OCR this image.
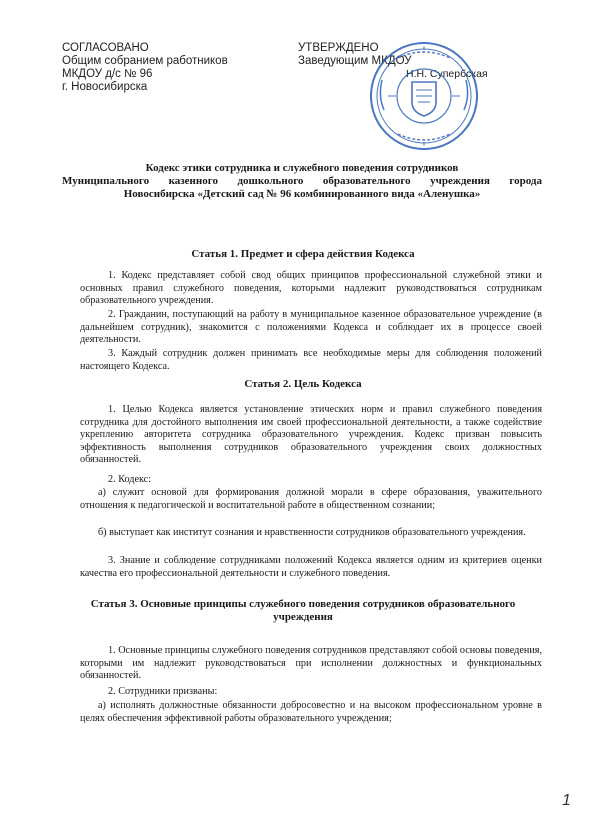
СОГЛАСОВАНО
Общим собранием работников
МКДОУ д/с № 96
г. Новосибирска
УТВЕРЖДЕНО
Заведующим МКДОУ
Н.Н. Супербская
Кодекс этики сотрудника и служебного поведения сотрудников
Муниципального казенного дошкольного образовательного учреждения города
Новосибирска «Детский сад № 96 комбинированного вида «Аленушка»
Статья 1. Предмет и сфера действия Кодекса
1. Кодекс представляет собой свод общих принципов профессиональной служебной этики и основных правил служебного поведения, которыми надлежит руководствоваться сотрудникам образовательного учреждения.
2. Гражданин, поступающий на работу в муниципальное казенное образовательное учреждение (в дальнейшем сотрудник), знакомится с положениями Кодекса и соблюдает их в процессе своей деятельности.
3. Каждый сотрудник должен принимать все необходимые меры для соблюдения положений настоящего Кодекса.
Статья 2. Цель Кодекса
1. Целью Кодекса является установление этических норм и правил служебного поведения сотрудника для достойного выполнения им своей профессиональной деятельности, а также содействие укреплению авторитета сотрудника образовательного учреждения. Кодекс призван повысить эффективность выполнения сотрудников образовательного учреждения своих должностных обязанностей.
2. Кодекс:
а) служит основой для формирования должной морали в сфере образования, уважительного отношения к педагогической и воспитательной работе в общественном сознании;
б) выступает как институт сознания и нравственности сотрудников образовательного учреждения.
3. Знание и соблюдение сотрудниками положений Кодекса является одним из критериев оценки качества его профессиональной деятельности и служебного поведения.
Статья 3. Основные принципы служебного поведения сотрудников образовательного учреждения
1. Основные принципы служебного поведения сотрудников представляют собой основы поведения, которыми им надлежит руководствоваться при исполнении должностных и функциональных обязанностей.
2. Сотрудники призваны:
а) исполнять должностные обязанности добросовестно и на высоком профессиональном уровне в целях обеспечения эффективной работы образовательного учреждения;
1
